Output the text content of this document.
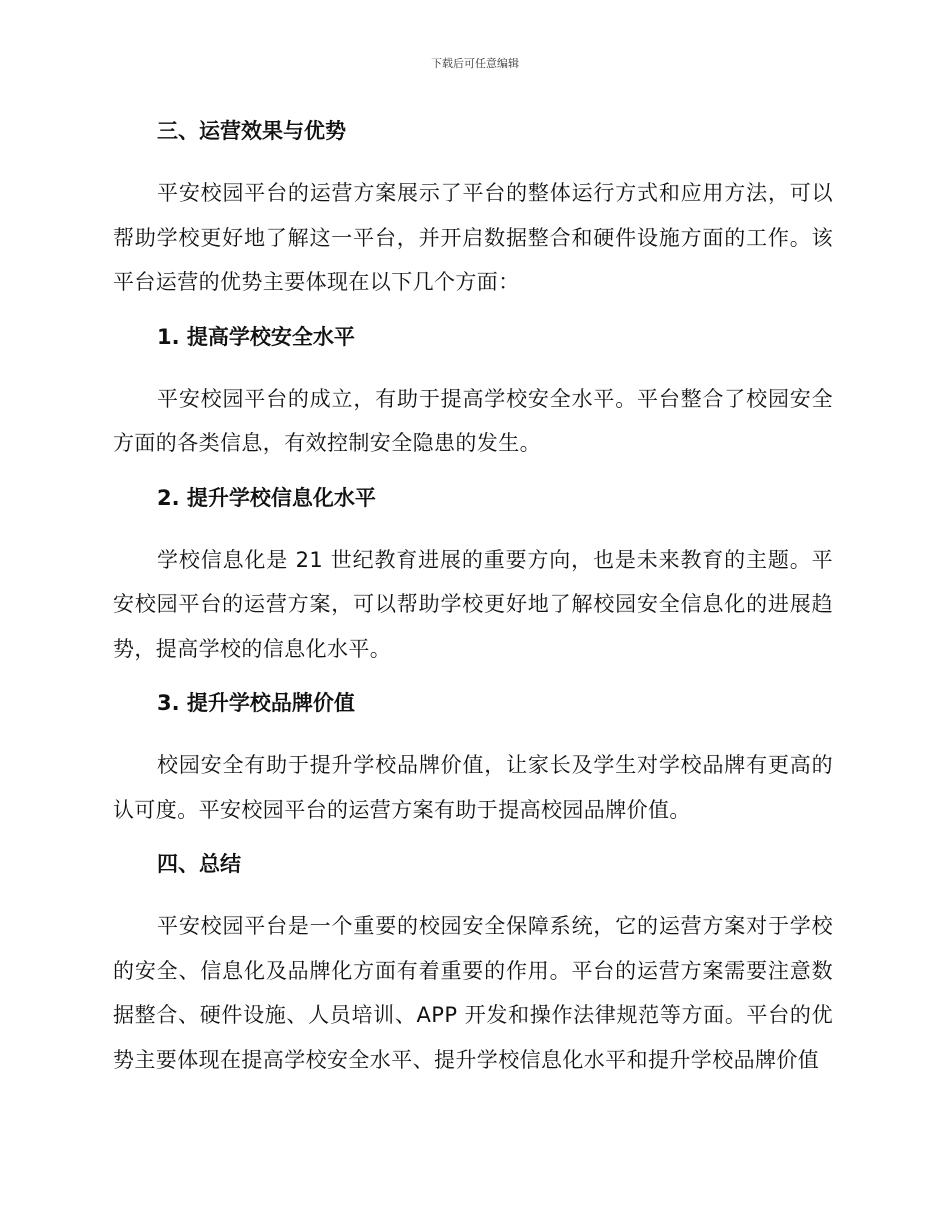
下载后可任意编辑
三、运营效果与优势

平安校园平台的运营方案展示了平台的整体运行方式和应用方法，可以帮助学校更好地了解这一平台，并开启数据整合和硬件设施方面的工作。该平台运营的优势主要体现在以下几个方面：

1. 提高学校安全水平

平安校园平台的成立，有助于提高学校安全水平。平台整合了校园安全方面的各类信息，有效控制安全隐患的发生。

2. 提升学校信息化水平

学校信息化是 21 世纪教育进展的重要方向，也是未来教育的主题。平安校园平台的运营方案，可以帮助学校更好地了解校园安全信息化的进展趋势，提高学校的信息化水平。

3. 提升学校品牌价值

校园安全有助于提升学校品牌价值，让家长及学生对学校品牌有更高的认可度。平安校园平台的运营方案有助于提高校园品牌价值。

四、总结

平安校园平台是一个重要的校园安全保障系统，它的运营方案对于学校的安全、信息化及品牌化方面有着重要的作用。平台的运营方案需要注意数据整合、硬件设施、人员培训、APP 开发和操作法律规范等方面。平台的优势主要体现在提高学校安全水平、提升学校信息化水平和提升学校品牌价值
